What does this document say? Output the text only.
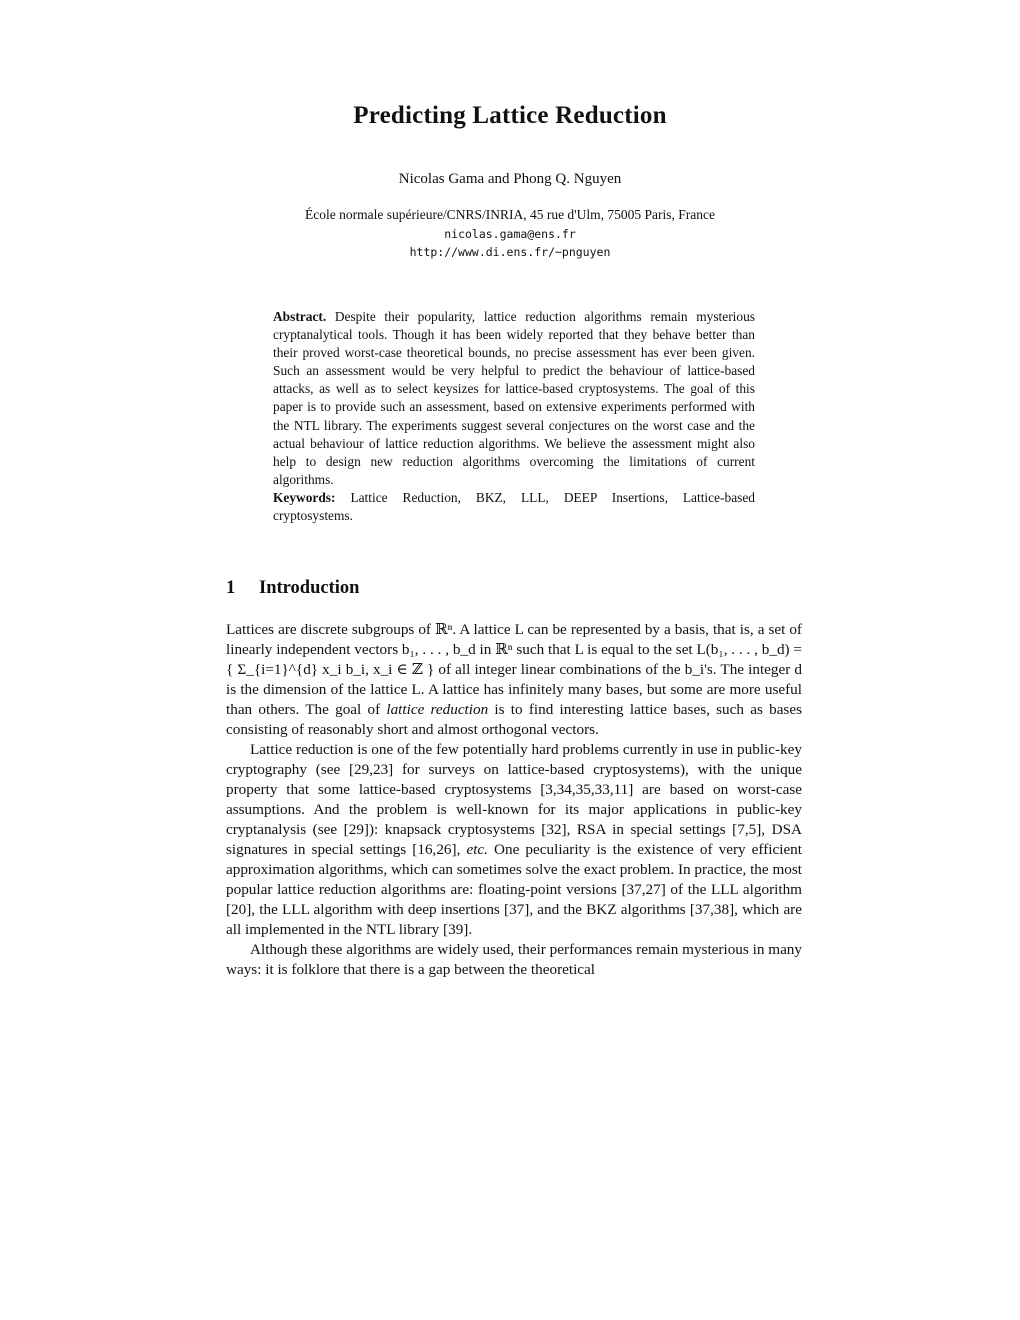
Predicting Lattice Reduction
Nicolas Gama and Phong Q. Nguyen
École normale supérieure/CNRS/INRIA, 45 rue d'Ulm, 75005 Paris, France
nicolas.gama@ens.fr
http://www.di.ens.fr/~pnguyen
Abstract. Despite their popularity, lattice reduction algorithms remain mysterious cryptanalytical tools. Though it has been widely reported that they behave better than their proved worst-case theoretical bounds, no precise assessment has ever been given. Such an assessment would be very helpful to predict the behaviour of lattice-based attacks, as well as to select keysizes for lattice-based cryptosystems. The goal of this paper is to provide such an assessment, based on extensive experiments performed with the NTL library. The experiments suggest several conjectures on the worst case and the actual behaviour of lattice reduction algorithms. We believe the assessment might also help to design new reduction algorithms overcoming the limitations of current algorithms.
Keywords: Lattice Reduction, BKZ, LLL, DEEP Insertions, Lattice-based cryptosystems.
1 Introduction

Lattices are discrete subgroups of ℝⁿ. A lattice L can be represented by a basis, that is, a set of linearly independent vectors b₁, . . . , b_d in ℝⁿ such that L is equal to the set L(b₁, . . . , b_d) = { Σ_{i=1}^{d} x_i b_i, x_i ∈ ℤ } of all integer linear combinations of the b_i's. The integer d is the dimension of the lattice L. A lattice has infinitely many bases, but some are more useful than others. The goal of lattice reduction is to find interesting lattice bases, such as bases consisting of reasonably short and almost orthogonal vectors.

Lattice reduction is one of the few potentially hard problems currently in use in public-key cryptography (see [29,23] for surveys on lattice-based cryptosystems), with the unique property that some lattice-based cryptosystems [3,34,35,33,11] are based on worst-case assumptions. And the problem is well-known for its major applications in public-key cryptanalysis (see [29]): knapsack cryptosystems [32], RSA in special settings [7,5], DSA signatures in special settings [16,26], etc. One peculiarity is the existence of very efficient approximation algorithms, which can sometimes solve the exact problem. In practice, the most popular lattice reduction algorithms are: floating-point versions [37,27] of the LLL algorithm [20], the LLL algorithm with deep insertions [37], and the BKZ algorithms [37,38], which are all implemented in the NTL library [39].

Although these algorithms are widely used, their performances remain mysterious in many ways: it is folklore that there is a gap between the theoretical
